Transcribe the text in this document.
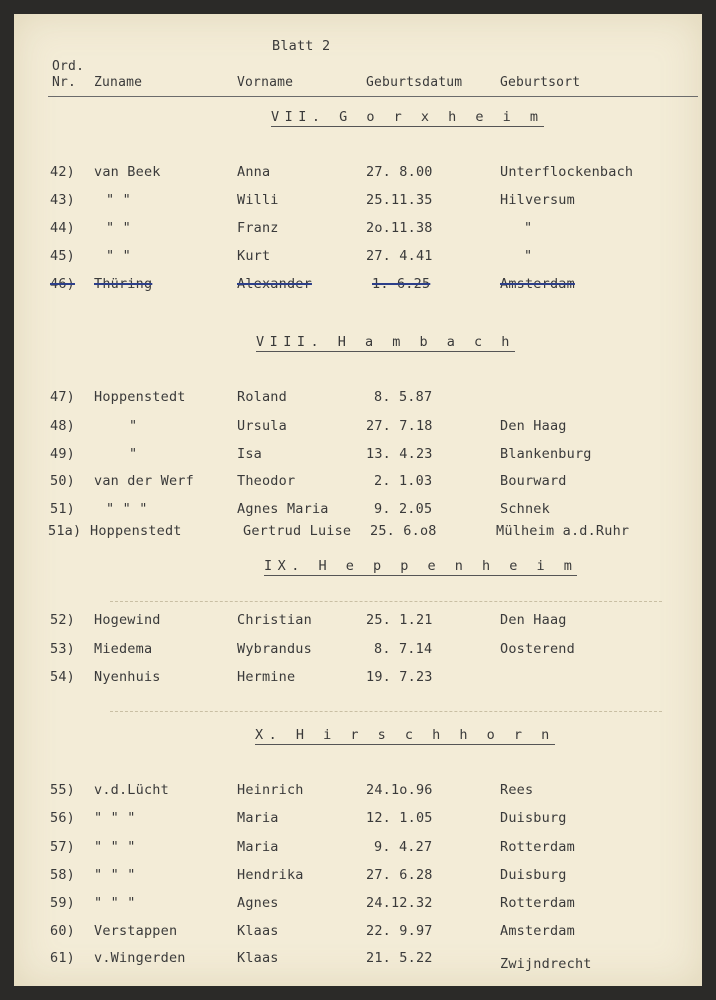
Blatt 2
Ord.
Nr. Zuname	Vorname	Geburtsdatum	Geburtsort
VII. G o r x h e i m
42) van Beek	Anna	27. 8.00	Unterflockenbach
43) " "	Willi	25.11.35	Hilversum
44) " "	Franz	2o.11.38	"
45) " "	Kurt	27. 4.41	"
46) Thüring	Alexander	1. 6.25	Amsterdam
VIII. H a m b a c h
47) Hoppenstedt	Roland	8. 5.87
48)	"	Ursula	27. 7.18	Den Haag
49)	"	Isa	13. 4.23	Blankenburg
50) van der Werf	Theodor	2. 1.03	Bourward
51) " " "	Agnes Maria	9. 2.05	Schnek
51a) Hoppenstedt	Gertrud Luise 25. 6.o8	Mülheim a.d.Ruhr
IX. H e p p e n h e i m
52) Hogewind	Christian	25. 1.21	Den Haag
53) Miedema	Wybrandus	8. 7.14	Oosterend
54) Nyenhuis	Hermine	19. 7.23
X. H i r s c h h o r n
55) v.d.Lücht	Heinrich	24.1o.96	Rees
56) " " "	Maria	12. 1.05	Duisburg
57) " " "	Maria	9. 4.27	Rotterdam
58) " " "	Hendrika	27. 6.28	Duisburg
59) " " "	Agnes	24.12.32	Rotterdam
60) Verstappen	Klaas	22. 9.97	Amsterdam
61) v.Wingerden	Klaas	21. 5.22	Zwijndrecht
